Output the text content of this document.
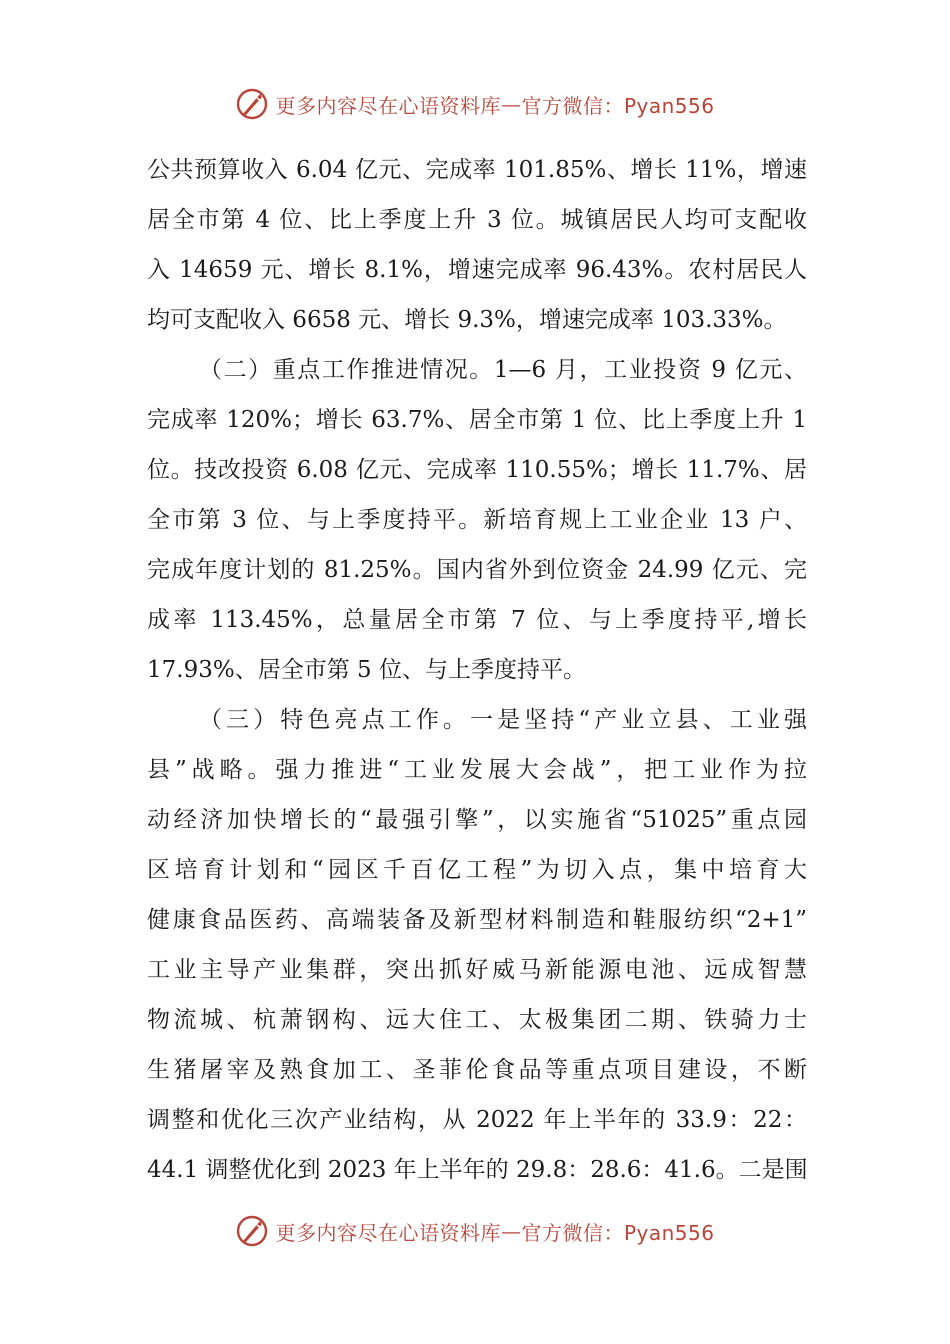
更多内容尽在心语资料库 — 官方微信：Pyan556
公共预算收入 6.04 亿元、完成率 101.85%、增长 11%，增速
居全市第 4 位、比上季度上升 3 位。城镇居民人均可支配收
入 14659 元、增长 8.1%，增速完成率 96.43%。农村居民人
均可支配收入 6658 元、增长 9.3%，增速完成率 103.33%。
（二）重点工作推进情况。1—6 月，工业投资 9 亿元、
完成率 120%；增长 63.7%、居全市第 1 位、比上季度上升 1
位。技改投资 6.08 亿元、完成率 110.55%；增长 11.7%、居
全市第 3 位、与上季度持平。新培育规上工业企业 13 户、
完成年度计划的 81.25%。国内省外到位资金 24.99 亿元、完
成率 113.45%，总量居全市第 7 位、与上季度持平,增长
17.93%、居全市第 5 位、与上季度持平。
（三）特色亮点工作。一是坚持“产业立县、工业强
县”战略。强力推进“工业发展大会战”，把工业作为拉
动经济加快增长的“最强引擎”，以实施省“51025”重点园
区培育计划和“园区千百亿工程”为切入点，集中培育大
健康食品医药、高端装备及新型材料制造和鞋服纺织“2+1”
工业主导产业集群，突出抓好威马新能源电池、远成智慧
物流城、杭萧钢构、远大住工、太极集团二期、铁骑力士
生猪屠宰及熟食加工、圣菲伦食品等重点项目建设，不断
调整和优化三次产业结构，从 2022 年上半年的 33.9：22：
44.1 调整优化到 2023 年上半年的 29.8：28.6：41.6。二是围
更多内容尽在心语资料库 — 官方微信：Pyan556
